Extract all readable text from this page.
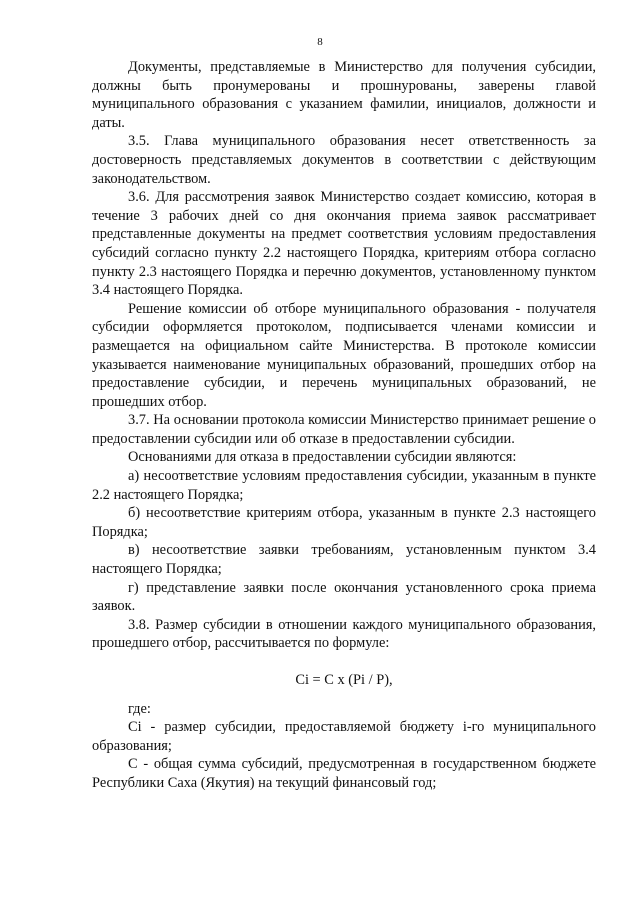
8

Документы, представляемые в Министерство для получения субсидии, должны быть пронумерованы и прошнурованы, заверены главой муниципального образования с указанием фамилии, инициалов, должности и даты.

3.5. Глава муниципального образования несет ответственность за достоверность представляемых документов в соответствии с действующим законодательством.

3.6. Для рассмотрения заявок Министерство создает комиссию, которая в течение 3 рабочих дней со дня окончания приема заявок рассматривает представленные документы на предмет соответствия условиям предоставления субсидий согласно пункту 2.2 настоящего Порядка, критериям отбора согласно пункту 2.3 настоящего Порядка и перечню документов, установленному пунктом 3.4 настоящего Порядка.

Решение комиссии об отборе муниципального образования - получателя субсидии оформляется протоколом, подписывается членами комиссии и размещается на официальном сайте Министерства. В протоколе комиссии указывается наименование муниципальных образований, прошедших отбор на предоставление субсидии, и перечень муниципальных образований, не прошедших отбор.

3.7. На основании протокола комиссии Министерство принимает решение о предоставлении субсидии или об отказе в предоставлении субсидии.

Основаниями для отказа в предоставлении субсидии являются:

а) несоответствие условиям предоставления субсидии, указанным в пункте 2.2 настоящего Порядка;

б) несоответствие критериям отбора, указанным в пункте 2.3 настоящего Порядка;

в) несоответствие заявки требованиям, установленным пунктом 3.4 настоящего Порядка;

г) представление заявки после окончания установленного срока приема заявок.

3.8. Размер субсидии в отношении каждого муниципального образования, прошедшего отбор, рассчитывается по формуле:

Ci = C x (Pi / P),

где:

Ci - размер субсидии, предоставляемой бюджету i-го муниципального образования;

C - общая сумма субсидий, предусмотренная в государственном бюджете Республики Саха (Якутия) на текущий финансовый год;
